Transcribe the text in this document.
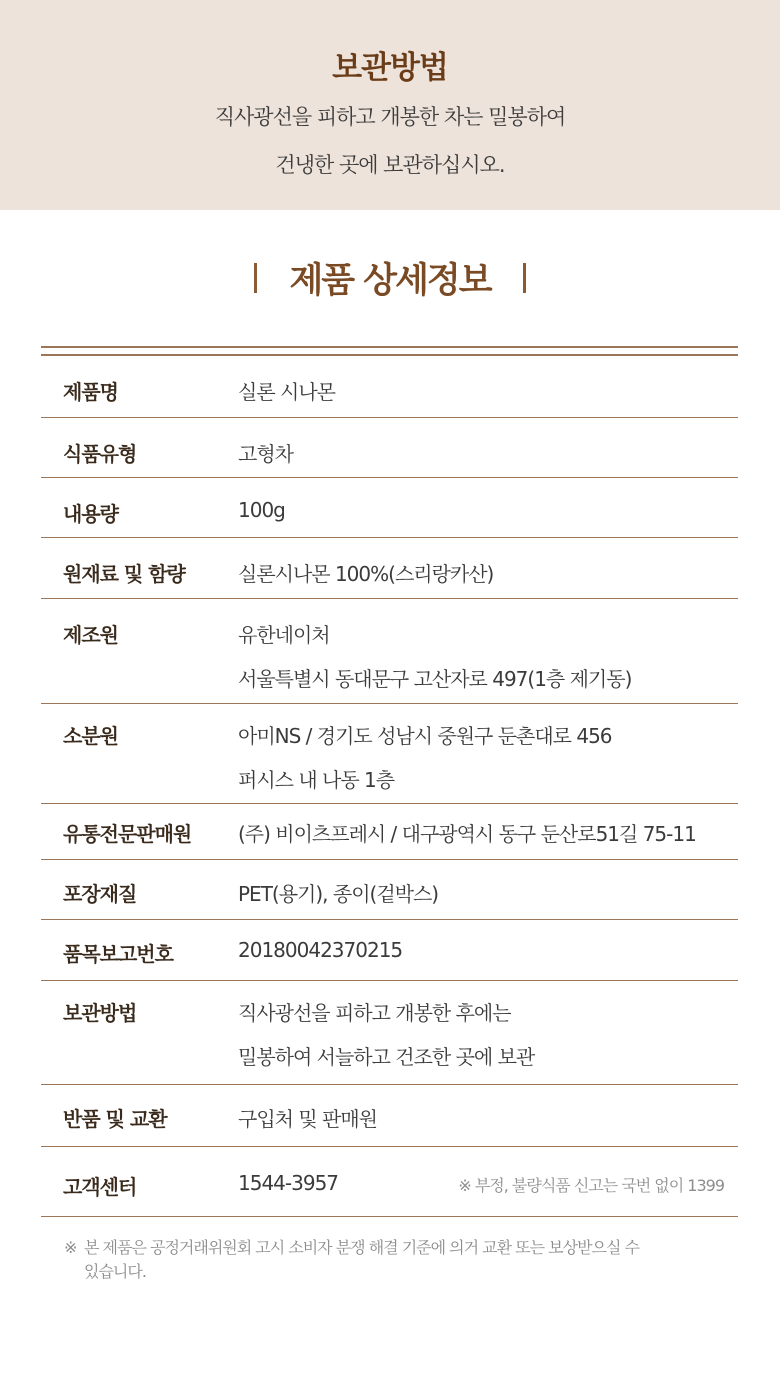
보관방법
직사광선을 피하고 개봉한 차는 밀봉하여
건냉한 곳에 보관하십시오.
제품 상세정보
제품명	실론 시나몬
식품유형	고형차
내용량	100g
원재료 및 함량	실론시나몬 100%(스리랑카산)
제조원	유한네이처
서울특별시 동대문구 고산자로 497(1층 제기동)
소분원	아미NS / 경기도 성남시 중원구 둔촌대로 456
퍼시스 내 나동 1층
유통전문판매원	(주) 비이츠프레시 / 대구광역시 동구 둔산로51길 75-11
포장재질	PET(용기), 종이(겉박스)
품목보고번호	20180042370215
보관방법	직사광선을 피하고 개봉한 후에는
밀봉하여 서늘하고 건조한 곳에 보관
반품 및 교환	구입처 및 판매원
고객센터	1544-3957	※ 부정, 불량식품 신고는 국번 없이 1399
※ 본 제품은 공정거래위원회 고시 소비자 분쟁 해결 기준에 의거 교환 또는 보상받으실 수
있습니다.
